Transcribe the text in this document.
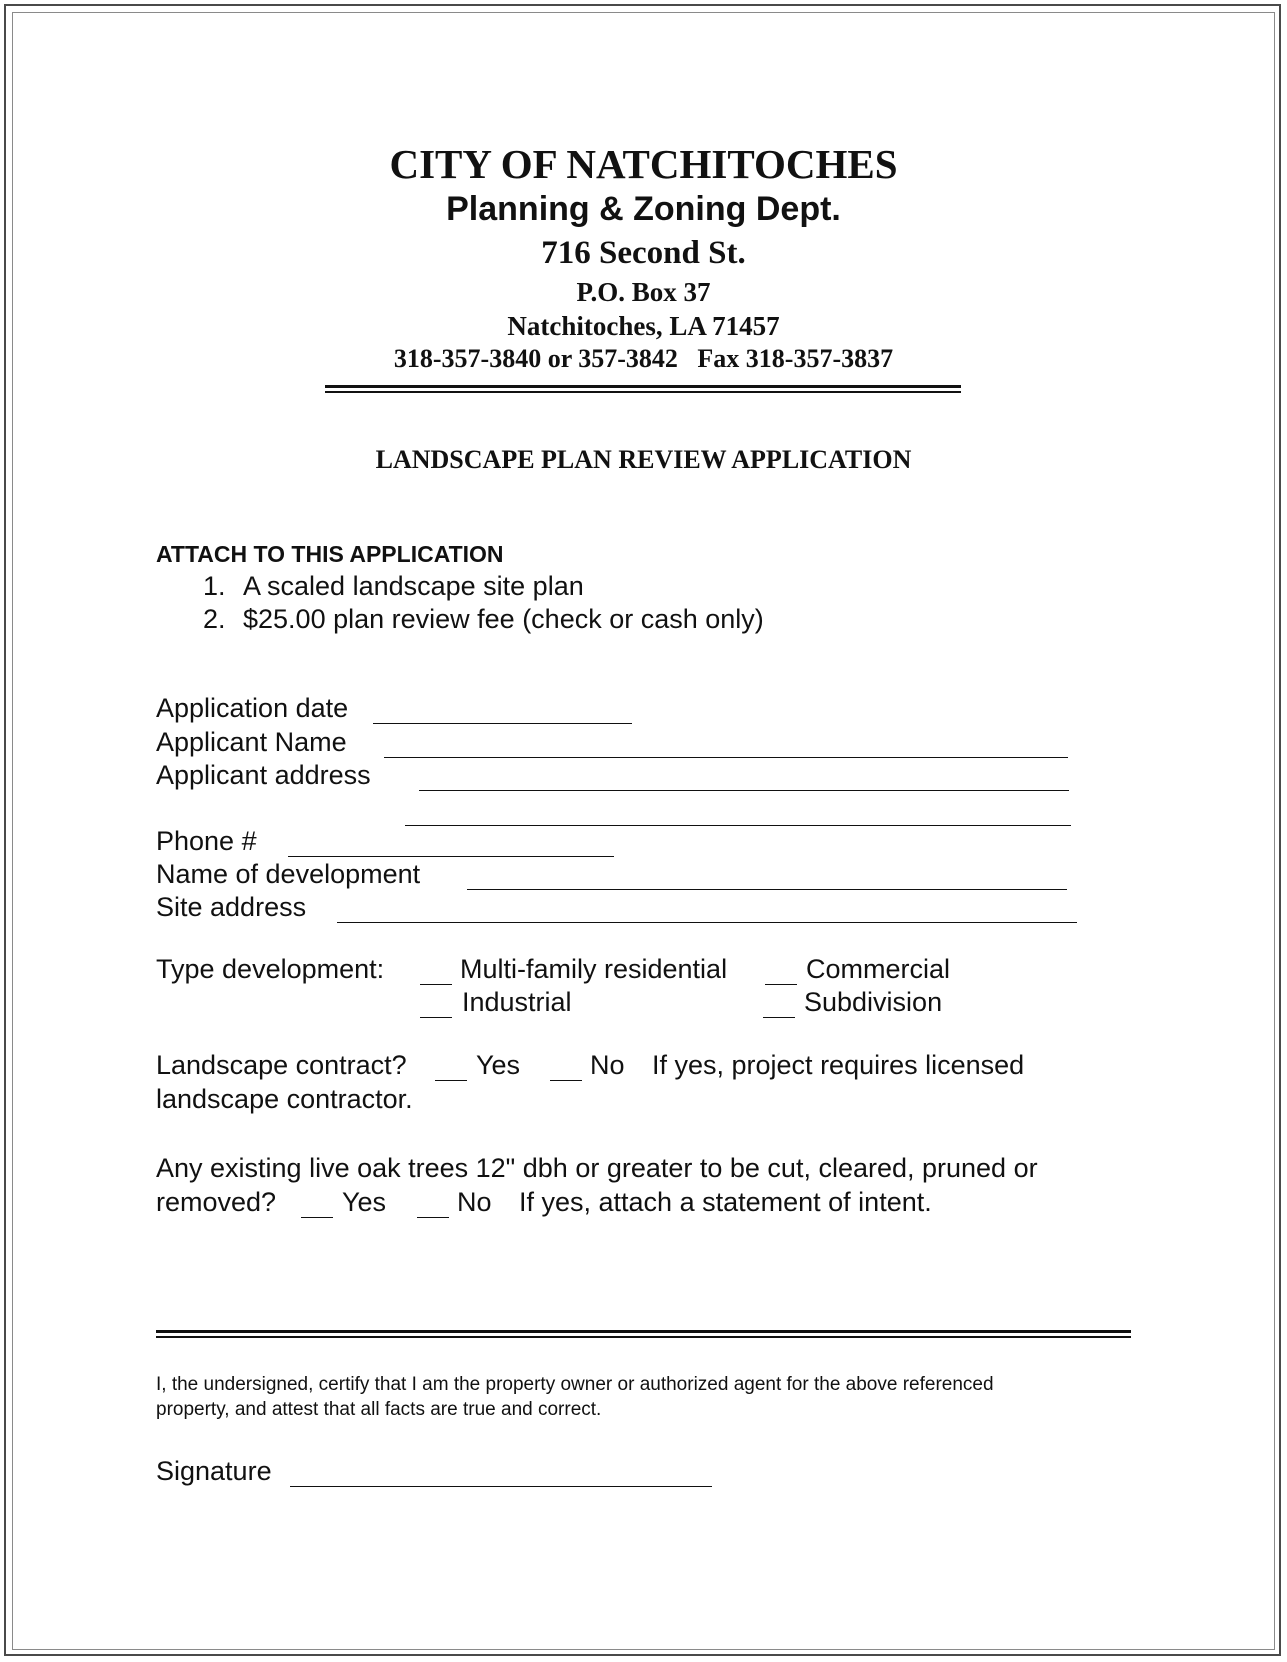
CITY OF NATCHITOCHES
Planning & Zoning Dept.
716 Second St.
P.O. Box 37
Natchitoches, LA 71457
318-357-3840 or 357-3842   Fax 318-357-3837
LANDSCAPE PLAN REVIEW APPLICATION
ATTACH TO THIS APPLICATION
1. A scaled landscape site plan
2. $25.00 plan review fee (check or cash only)
Application date
Applicant Name
Applicant address
Phone #
Name of development
Site address
Type development:	Multi-family residential	Commercial
Industrial	Subdivision
Landscape contract?	Yes	No If yes, project requires licensed
landscape contractor.
Any existing live oak trees 12" dbh or greater to be cut, cleared, pruned or
removed? Yes	No If yes, attach a statement of intent.
I, the undersigned, certify that I am the property owner or authorized agent for the above referenced
property, and attest that all facts are true and correct.
Signature
